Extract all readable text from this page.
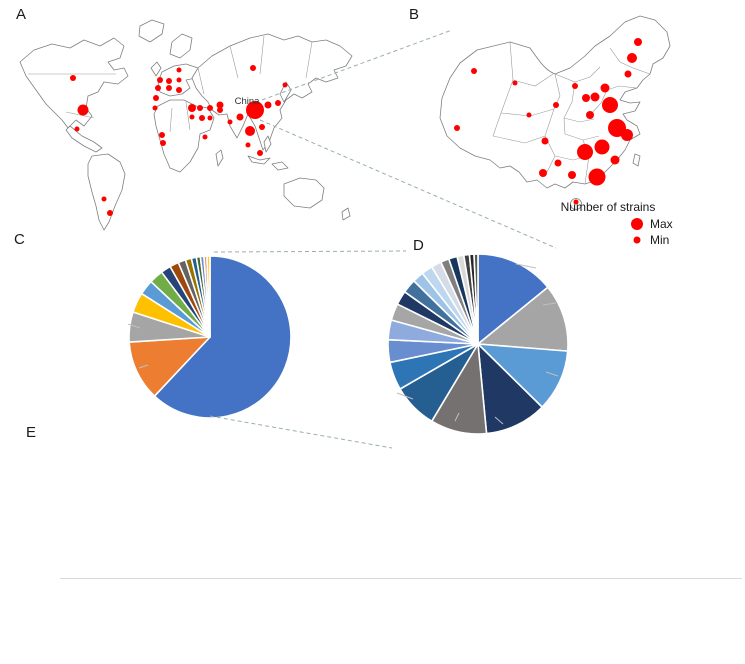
A	B
C	D
E
China
Number of strains
Max
Min
